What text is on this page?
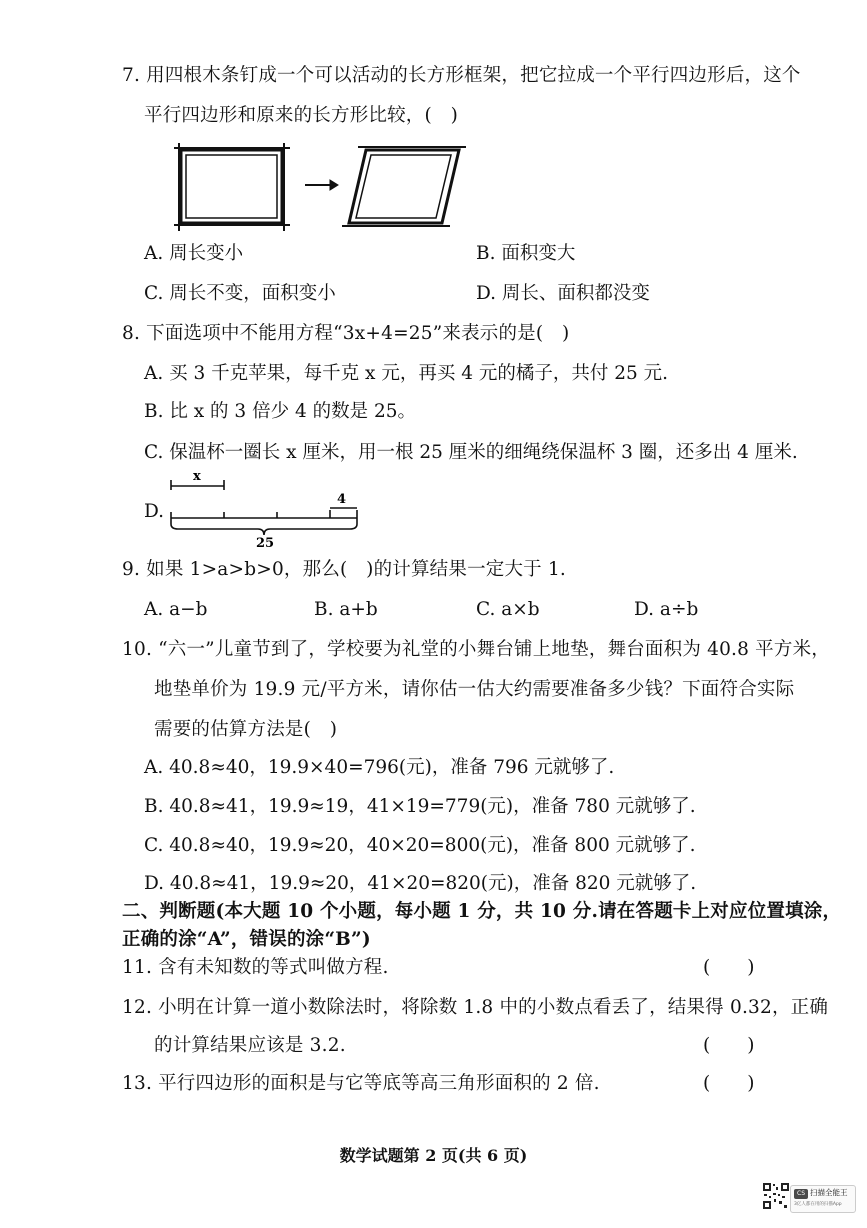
7. 用四根木条钉成一个可以活动的长方形框架，把它拉成一个平行四边形后，这个
平行四边形和原来的长方形比较，(　)
A. 周长变小	B. 面积变大
C. 周长不变，面积变小	D. 周长、面积都没变
8. 下面选项中不能用方程“3x+4=25”来表示的是(　)
A. 买 3 千克苹果，每千克 x 元，再买 4 元的橘子，共付 25 元.
B. 比 x 的 3 倍少 4 的数是 25。
C. 保温杯一圈长 x 厘米，用一根 25 厘米的细绳绕保温杯 3 圈，还多出 4 厘米.
D.
x
4
25
9. 如果 1>a>b>0，那么(　)的计算结果一定大于 1.
A. a−b	B. a+b	C. a×b	D. a÷b
10. “六一”儿童节到了，学校要为礼堂的小舞台铺上地垫，舞台面积为 40.8 平方米，
地垫单价为 19.9 元/平方米，请你估一估大约需要准备多少钱？下面符合实际
需要的估算方法是(　)
A. 40.8≈40，19.9×40=796(元)，准备 796 元就够了.
B. 40.8≈41，19.9≈19，41×19=779(元)，准备 780 元就够了.
C. 40.8≈40，19.9≈20，40×20=800(元)，准备 800 元就够了.
D. 40.8≈41，19.9≈20，41×20=820(元)，准备 820 元就够了.
二、判断题(本大题 10 个小题，每小题 1 分，共 10 分.请在答题卡上对应位置填涂，
正确的涂“A”，错误的涂“B”)
11. 含有未知数的等式叫做方程.	(　　)
12. 小明在计算一道小数除法时，将除数 1.8 中的小数点看丢了，结果得 0.32，正确
的计算结果应该是 3.2.	(　　)
13. 平行四边形的面积是与它等底等高三角形面积的 2 倍.	(　　)
数学试题第 2 页(共 6 页)
CS 扫描全能王
3亿人都在用的扫描App
